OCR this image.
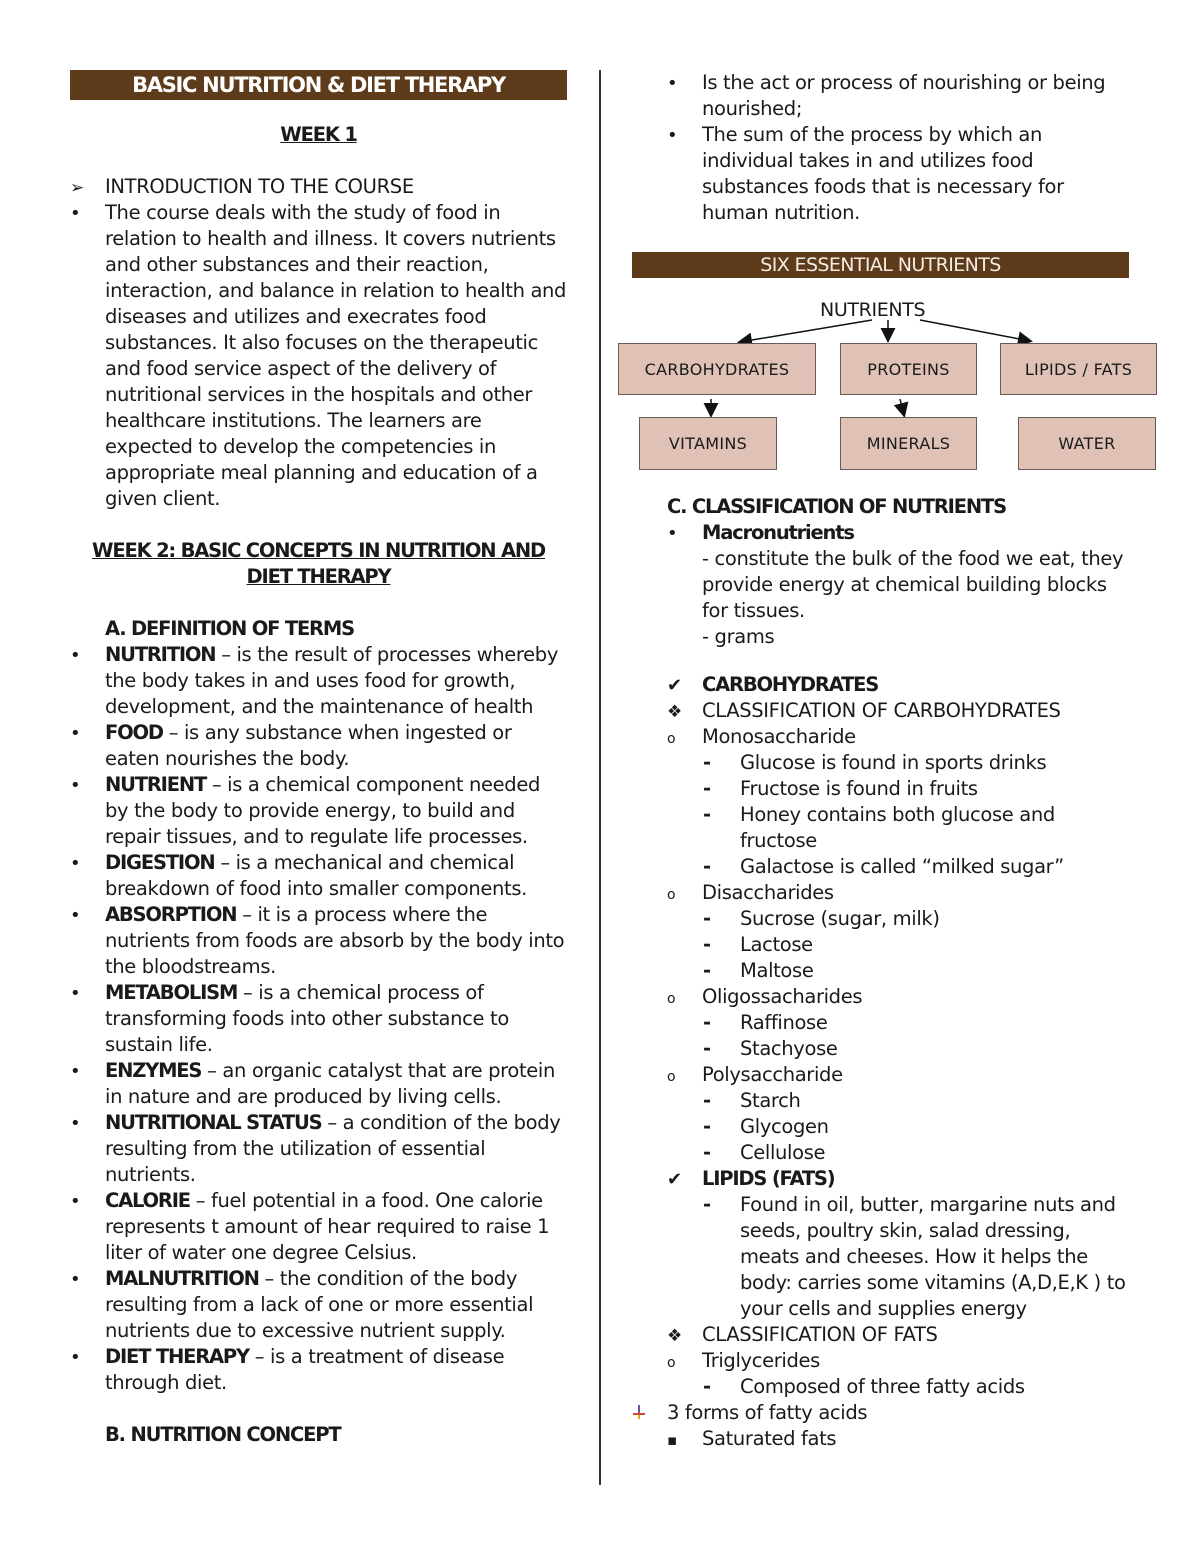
BASIC NUTRITION & DIET THERAPY
WEEK 1
➢
INTRODUCTION TO THE COURSE
•
The course deals with the study of food in relation to health and illness. It covers nutrients and other substances and their reaction, interaction, and balance in relation to health and diseases and utilizes and execrates food substances. It also focuses on the therapeutic and food service aspect of the delivery of nutritional services in the hospitals and other healthcare institutions. The learners are expected to develop the competencies in appropriate meal planning and education of a given client.
WEEK 2: BASIC CONCEPTS IN NUTRITION AND
DIET THERAPY
A. DEFINITION OF TERMS
•
NUTRITION – is the result of processes whereby the body takes in and uses food for growth, development, and the maintenance of health
•
FOOD – is any substance when ingested or eaten nourishes the body.
•
NUTRIENT – is a chemical component needed by the body to provide energy, to build and repair tissues, and to regulate life processes.
•
DIGESTION – is a mechanical and chemical breakdown of food into smaller components.
•
ABSORPTION – it is a process where the nutrients from foods are absorb by the body into the bloodstreams.
•
METABOLISM – is a chemical process of transforming foods into other substance to sustain life.
•
ENZYMES – an organic catalyst that are protein in nature and are produced by living cells.
•
NUTRITIONAL STATUS – a condition of the body resulting from the utilization of essential nutrients.
•
CALORIE – fuel potential in a food. One calorie represents t amount of hear required to raise 1 liter of water one degree Celsius.
•
MALNUTRITION – the condition of the body resulting from a lack of one or more essential nutrients due to excessive nutrient supply.
•
DIET THERAPY – is a treatment of disease through diet.
B. NUTRITION CONCEPT
•
Is the act or process of nourishing or being nourished;
•
The sum of the process by which an individual takes in and utilizes food substances foods that is necessary for human nutrition.
SIX ESSENTIAL NUTRIENTS
NUTRIENTS
CARBOHYDRATES	PROTEINS	LIPIDS / FATS
VITAMINS	MINERALS	WATER
C. CLASSIFICATION OF NUTRIENTS
•
Macronutrients
- constitute the bulk of the food we eat, they provide energy at chemical building blocks for tissues.
- grams
✔
CARBOHYDRATES
❖
CLASSIFICATION OF CARBOHYDRATES
o
Monosaccharide
-
Glucose is found in sports drinks
-
Fructose is found in fruits
-
Honey contains both glucose and fructose
-
Galactose is called “milked sugar”
o
Disaccharides
-
Sucrose (sugar, milk)
-
Lactose
-
Maltose
o
Oligossacharides
-
Raffinose
-
Stachyose
o
Polysaccharide
-
Starch
-
Glycogen
-
Cellulose
✔
LIPIDS (FATS)
-
Found in oil, butter, margarine nuts and seeds, poultry skin, salad dressing, meats and cheeses. How it helps the body: carries some vitamins (A,D,E,K ) to your cells and supplies energy
❖
CLASSIFICATION OF FATS
o
Triglycerides
-
Composed of three fatty acids
3 forms of fatty acids
▪
Saturated fats
